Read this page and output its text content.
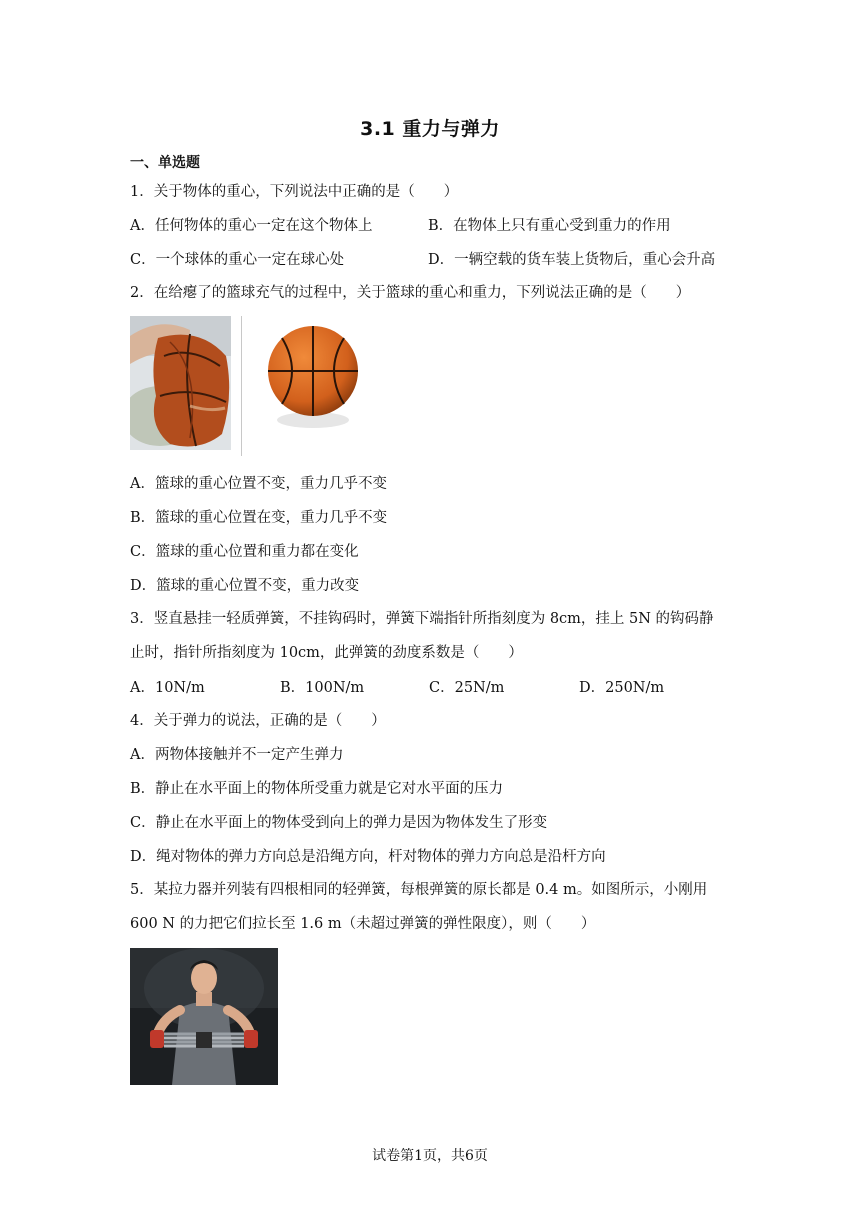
3.1 重力与弹力
一、单选题
1．关于物体的重心，下列说法中正确的是（　　）
A．任何物体的重心一定在这个物体上	B．在物体上只有重心受到重力的作用
C．一个球体的重心一定在球心处	D．一辆空载的货车装上货物后，重心会升高
2．在给瘪了的篮球充气的过程中，关于篮球的重心和重力，下列说法正确的是（　　）
A．篮球的重心位置不变，重力几乎不变
B．篮球的重心位置在变，重力几乎不变
C．篮球的重心位置和重力都在变化
D．篮球的重心位置不变，重力改变
3．竖直悬挂一轻质弹簧，不挂钩码时，弹簧下端指针所指刻度为 8cm，挂上 5N 的钩码静
止时，指针所指刻度为 10cm，此弹簧的劲度系数是（　　）
A．10N/m	B．100N/m	C．25N/m	D．250N/m
4．关于弹力的说法，正确的是（　　）
A．两物体接触并不一定产生弹力
B．静止在水平面上的物体所受重力就是它对水平面的压力
C．静止在水平面上的物体受到向上的弹力是因为物体发生了形变
D．绳对物体的弹力方向总是沿绳方向，杆对物体的弹力方向总是沿杆方向
5．某拉力器并列装有四根相同的轻弹簧，每根弹簧的原长都是 0.4 m。如图所示，小刚用
600 N 的力把它们拉长至 1.6 m（未超过弹簧的弹性限度），则（　　）
试卷第1页，共6页
